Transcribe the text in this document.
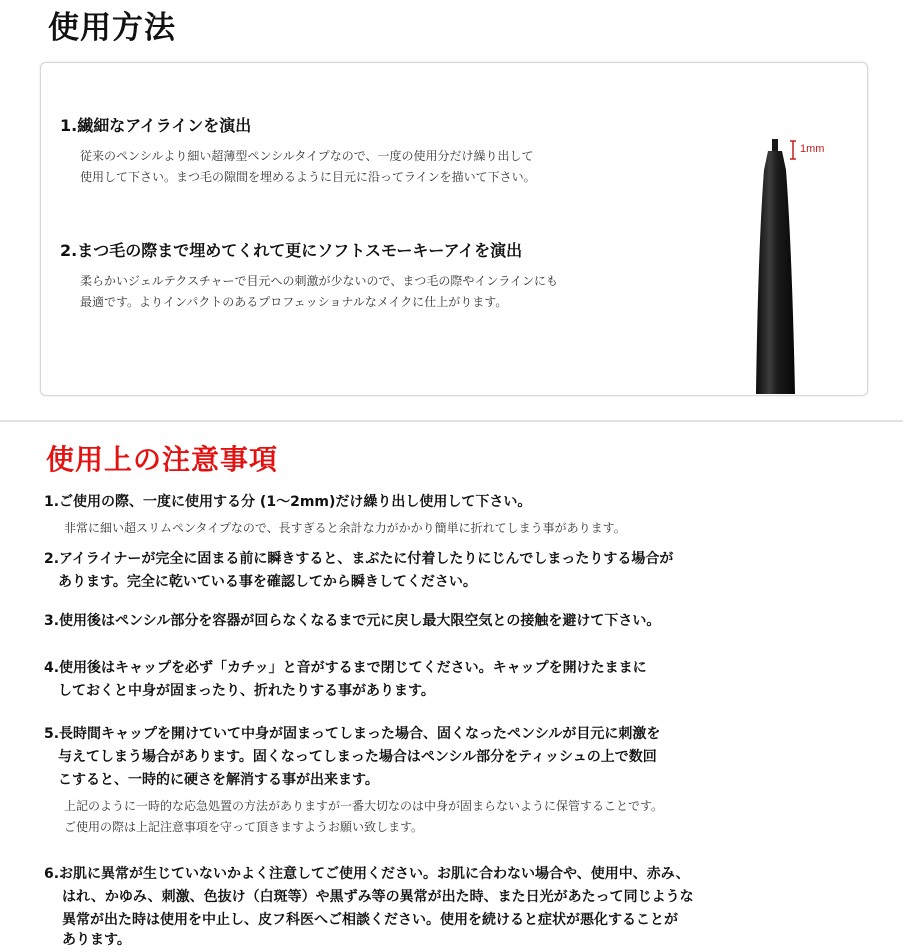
使用方法
1.繊細なアイラインを演出
従来のペンシルより細い超薄型ペンシルタイプなので、一度の使用分だけ繰り出して
使用して下さい。まつ毛の隙間を埋めるように目元に沿ってラインを描いて下さい。
2.まつ毛の際まで埋めてくれて更にソフトスモーキーアイを演出
柔らかいジェルテクスチャーで目元への刺激が少ないので、まつ毛の際やインラインにも
最適です。よりインパクトのあるプロフェッショナルなメイクに仕上がります。
1mm
使用上の注意事項
1.ご使用の際、一度に使用する分 (1～2mm)だけ繰り出し使用して下さい。
非常に細い超スリムペンタイプなので、長すぎると余計な力がかかり簡単に折れてしまう事があります。
2.アイライナーが完全に固まる前に瞬きすると、まぶたに付着したりにじんでしまったりする場合が
　あります。完全に乾いている事を確認してから瞬きしてください。
3.使用後はペンシル部分を容器が回らなくなるまで元に戻し最大限空気との接触を避けて下さい。
4.使用後はキャップを必ず「カチッ」と音がするまで閉じてください。キャップを開けたままに
　しておくと中身が固まったり、折れたりする事があります。
5.長時間キャップを開けていて中身が固まってしまった場合、固くなったペンシルが目元に刺激を
　与えてしまう場合があります。固くなってしまった場合はペンシル部分をティッシュの上で数回
　こすると、一時的に硬さを解消する事が出来ます。
上記のように一時的な応急処置の方法がありますが一番大切なのは中身が固まらないように保管することです。
ご使用の際は上記注意事項を守って頂きますようお願い致します。
6.お肌に異常が生じていないかよく注意してご使用ください。お肌に合わない場合や、使用中、赤み、
はれ、かゆみ、刺激、色抜け（白斑等）や黒ずみ等の異常が出た時、また日光があたって同じような
異常が出た時は使用を中止し、皮フ科医へご相談ください。使用を続けると症状が悪化することが
あります。
